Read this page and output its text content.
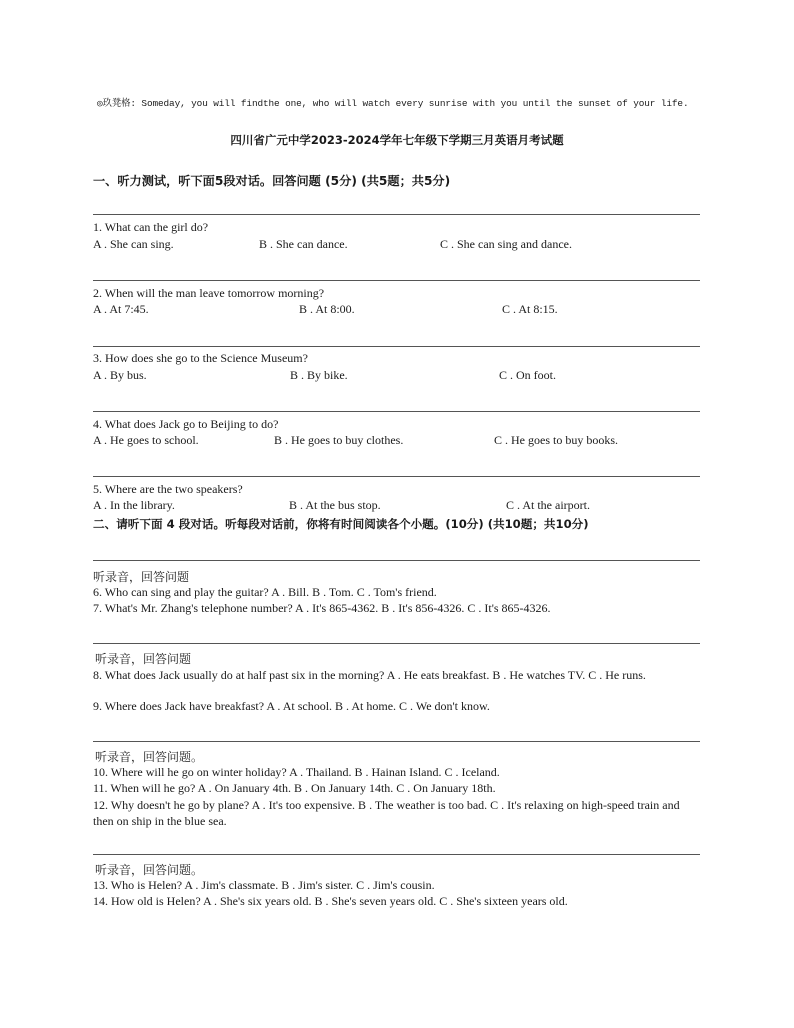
◎玖凳格: Someday, you will findthe one, who will watch every sunrise with you until the sunset of your life.
四川省广元中学2023-2024学年七年级下学期三月英语月考试题
一、听力测试，听下面5段对话。回答问题 (5分) (共5题；共5分)
1. What can the girl do?
A . She can sing.	B . She can dance.	C . She can sing and dance.
2. When will the man leave tomorrow morning?
A . At 7:45.	B . At 8:00.	C . At 8:15.
3. How does she go to the Science Museum?
A . By bus.	B . By bike.	C . On foot.
4. What does Jack go to Beijing to do?
A . He goes to school.	B . He goes to buy clothes.	C . He goes to buy books.
5. Where are the two speakers?
A . In the library.	B . At the bus stop.	C . At the airport.
二、请听下面 4 段对话。听每段对话前，你将有时间阅读各个小题。(10分) (共10题；共10分)
听录音，回答问题
6. Who can sing and play the guitar? A . Bill. B . Tom. C . Tom's friend.
7. What's Mr. Zhang's telephone number? A . It's 865-4362. B . It's 856-4326. C . It's 865-4326.
听录音，回答问题
8. What does Jack usually do at half past six in the morning? A . He eats breakfast. B . He watches TV. C . He runs.
9. Where does Jack have breakfast? A . At school. B . At home. C . We don't know.
听录音，回答问题。
10. Where will he go on winter holiday? A . Thailand. B . Hainan Island. C . Iceland.
11. When will he go? A . On January 4th. B . On January 14th. C . On January 18th.
12. Why doesn't he go by plane? A . It's too expensive. B . The weather is too bad. C . It's relaxing on high-speed train and then on ship in the blue sea.
听录音，回答问题。
13. Who is Helen? A . Jim's classmate. B . Jim's sister. C . Jim's cousin.
14. How old is Helen? A . She's six years old. B . She's seven years old. C . She's sixteen years old.
